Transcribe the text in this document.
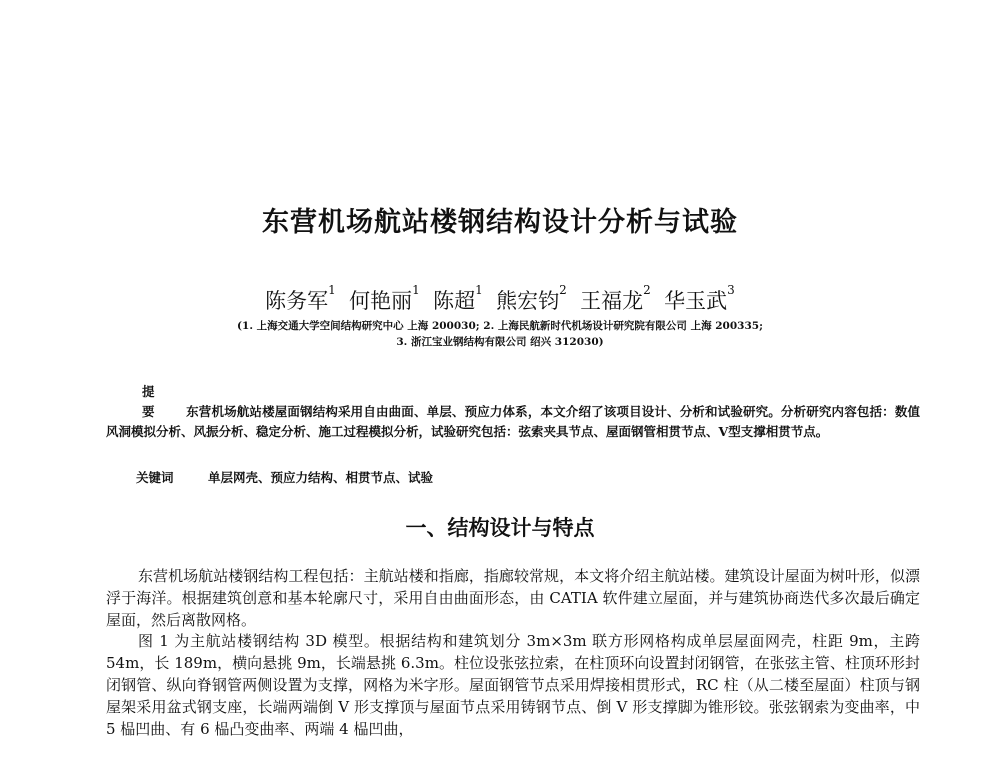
东营机场航站楼钢结构设计分析与试验
陈务军$^1$ 何艳丽$^1$ 陈超$^1$ 熊宏钧$^2$ 王福龙$^2$ 华玉武$^3$
(1. 上海交通大学空间结构研究中心 上海 200030; 2. 上海民航新时代机场设计研究院有限公司 上海 200335;
3. 浙江宝业钢结构有限公司 绍兴 312030)
提 要 东营机场航站楼屋面钢结构采用自由曲面、单层、预应力体系，本文介绍了该项目设计、分析和试验研究。分析研究内容包括：数值风洞模拟分析、风振分析、稳定分析、施工过程模拟分析，试验研究包括：弦索夹具节点、屋面钢管相贯节点、V型支撑相贯节点。
关键词	单层网壳、预应力结构、相贯节点、试验
一、结构设计与特点

东营机场航站楼钢结构工程包括：主航站楼和指廊，指廊较常规，本文将介绍主航站楼。建筑设计屋面为树叶形，似漂浮于海洋。根据建筑创意和基本轮廓尺寸，采用自由曲面形态，由 CATIA 软件建立屋面，并与建筑协商迭代多次最后确定屋面，然后离散网格。

图 1 为主航站楼钢结构 3D 模型。根据结构和建筑划分 3m×3m 联方形网格构成单层屋面网壳，柱距 9m，主跨 54m，长 189m，横向悬挑 9m，长端悬挑 6.3m。柱位设张弦拉索，在柱顶环向设置封闭钢管，在张弦主管、柱顶环形封闭钢管、纵向脊钢管两侧设置为支撑，网格为米字形。屋面钢管节点采用焊接相贯形式，RC 柱（从二楼至屋面）柱顶与钢屋架采用盆式钢支座，长端两端倒 V 形支撑顶与屋面节点采用铸钢节点、倒 V 形支撑脚为锥形铰。张弦钢索为变曲率，中 5 榀凹曲、有 6 榀凸变曲率、两端 4 榀凹曲，
